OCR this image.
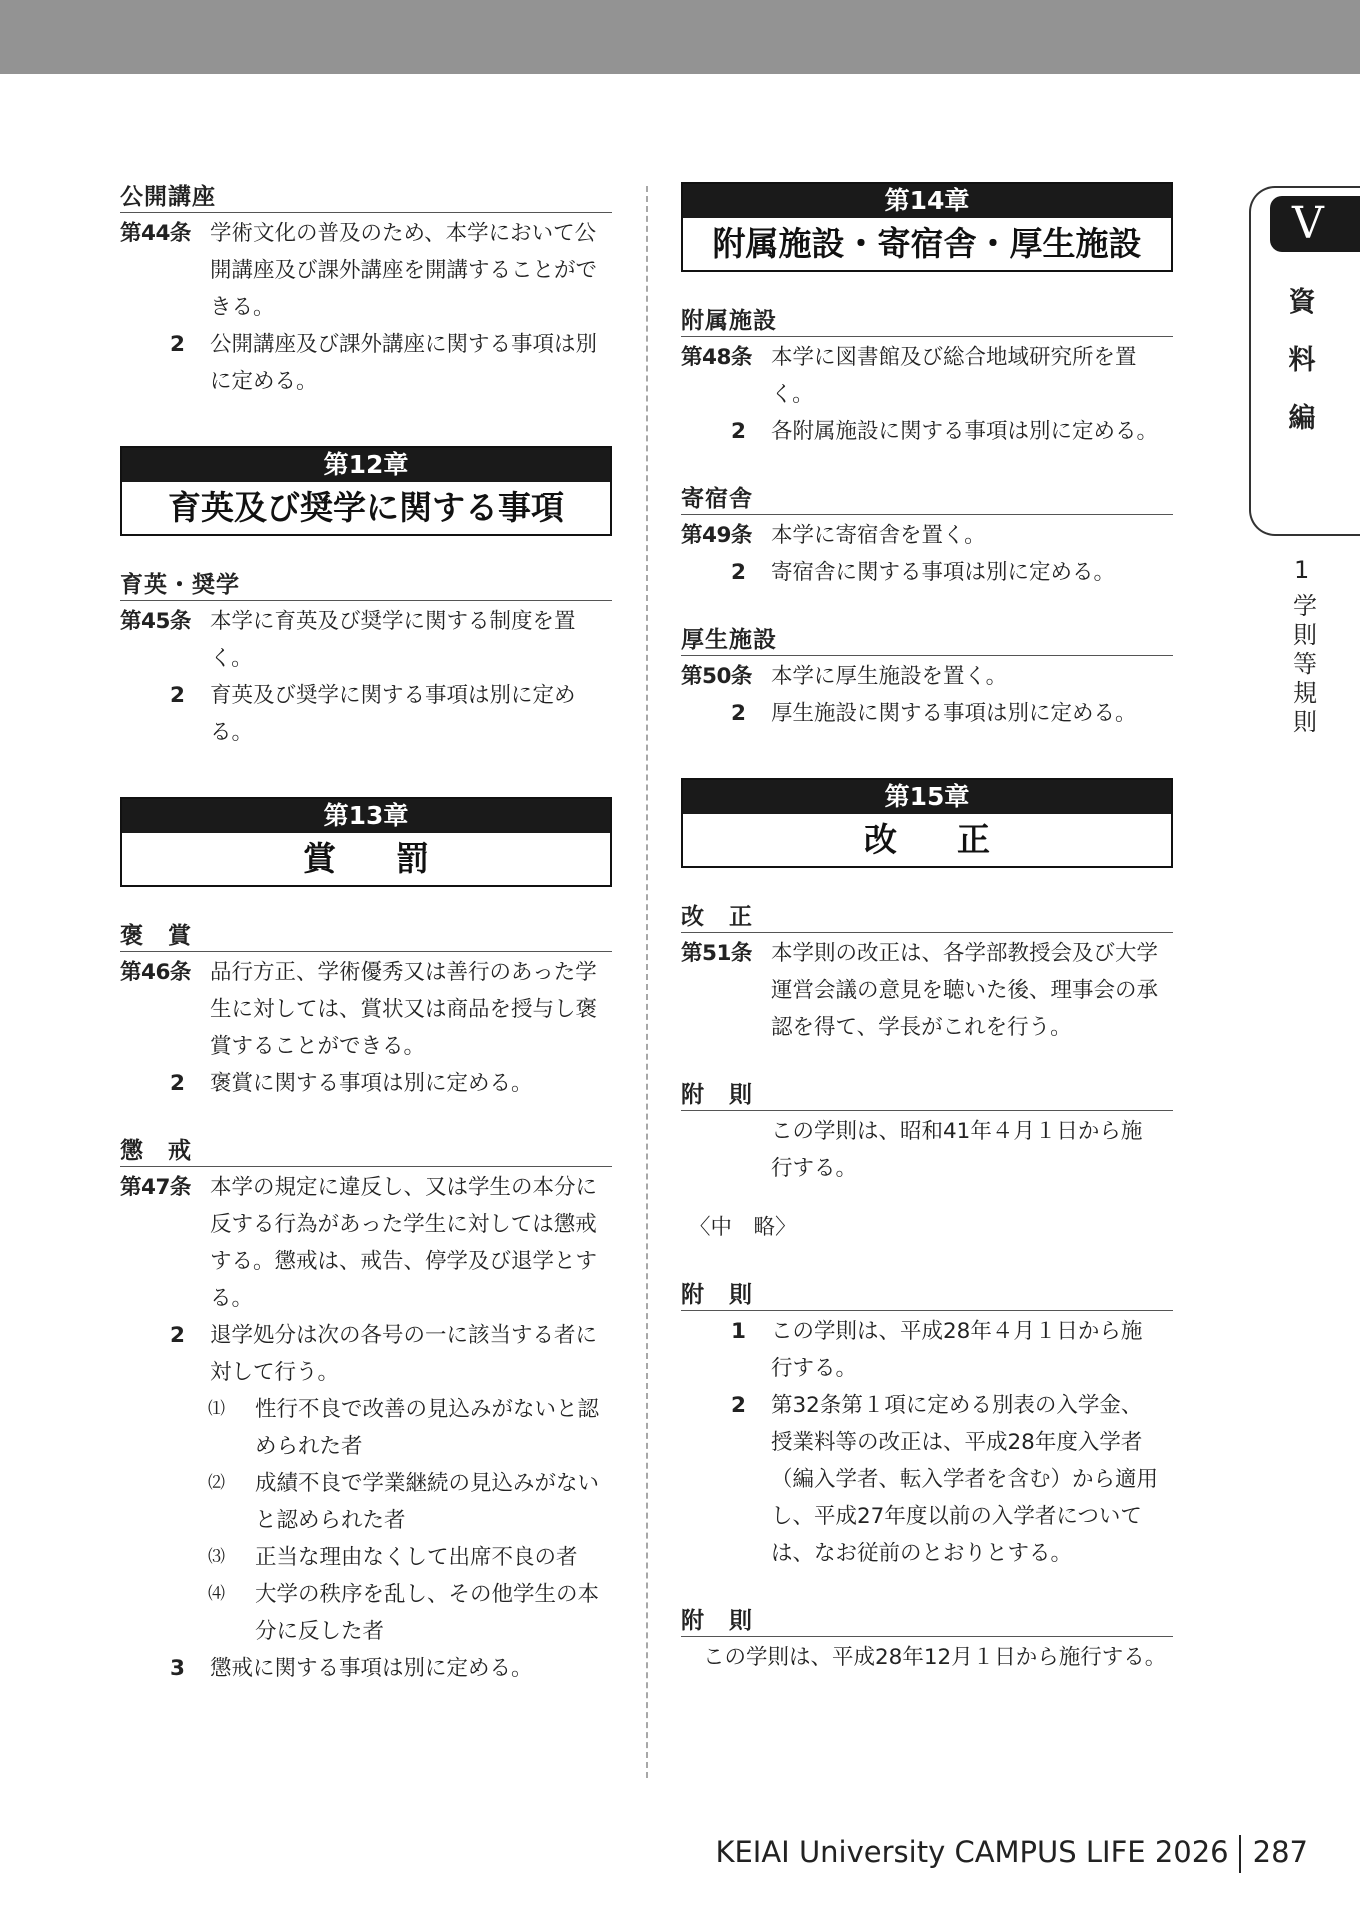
公開講座
第44条 学術文化の普及のため、本学において公
開講座及び課外講座を開講することがで
きる。
2 公開講座及び課外講座に関する事項は別
に定める。
第12章
育英及び奨学に関する事項
育英・奨学
第45条 本学に育英及び奨学に関する制度を置く。
2 育英及び奨学に関する事項は別に定める。
第13章
賞罰
褒　賞
第46条 品行方正、学術優秀又は善行のあった学
生に対しては、賞状又は商品を授与し褒
賞することができる。
2 褒賞に関する事項は別に定める。
懲　戒
第47条 本学の規定に違反し、又は学生の本分に
反する行為があった学生に対しては懲戒
する。懲戒は、戒告、停学及び退学とす
る。
2 退学処分は次の各号の一に該当する者に
対して行う。
⑴ 性行不良で改善の見込みがないと認
められた者
⑵ 成績不良で学業継続の見込みがない
と認められた者
⑶ 正当な理由なくして出席不良の者
⑷ 大学の秩序を乱し、その他学生の本
分に反した者
3 懲戒に関する事項は別に定める。
第14章
附属施設・寄宿舎・厚生施設
附属施設
第48条 本学に図書館及び総合地域研究所を置く。
2 各附属施設に関する事項は別に定める。
寄宿舎
第49条 本学に寄宿舎を置く。
2 寄宿舎に関する事項は別に定める。
厚生施設
第50条 本学に厚生施設を置く。
2 厚生施設に関する事項は別に定める。
第15章
改正
改　正
第51条 本学則の改正は、各学部教授会及び大学
運営会議の意見を聴いた後、理事会の承
認を得て、学長がこれを行う。
附　則
この学則は、昭和41年４月１日から施
行する。
〈中　略〉
附　則
1 この学則は、平成28年４月１日から施
行する。
2 第32条第１項に定める別表の入学金、
授業料等の改正は、平成28年度入学者
（編入学者、転入学者を含む）から適用
し、平成27年度以前の入学者について
は、なお従前のとおりとする。
附　則
この学則は、平成28年12月１日から施行する。
V
資
料
編
1
学
則
等
規
則
KEIAI University CAMPUS LIFE 2026 287
